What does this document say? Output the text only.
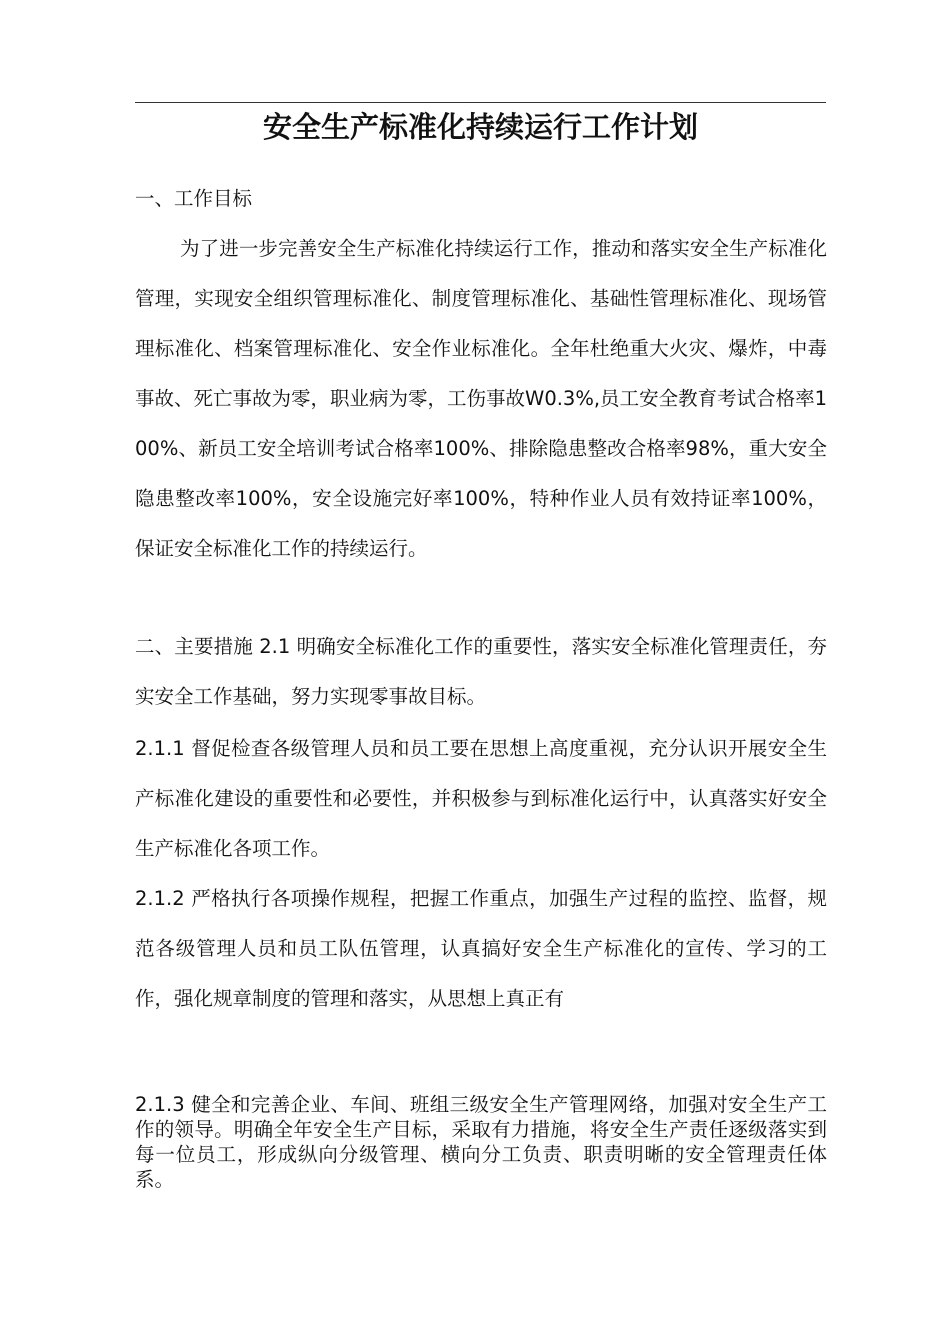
安全生产标准化持续运行工作计划
一、工作目标

为了进一步完善安全生产标准化持续运行工作，推动和落实安全生产标准化管理，实现安全组织管理标准化、制度管理标准化、基础性管理标准化、现场管理标准化、档案管理标准化、安全作业标准化。全年杜绝重大火灾、爆炸，中毒事故、死亡事故为零，职业病为零，工伤事故W0.3%,员工安全教育考试合格率100%、新员工安全培训考试合格率100%、排除隐患整改合格率98%，重大安全隐患整改率100%，安全设施完好率100%，特种作业人员有效持证率100%，保证安全标准化工作的持续运行。

二、主要措施 2.1 明确安全标准化工作的重要性，落实安全标准化管理责任，夯实安全工作基础，努力实现零事故目标。

2.1.1 督促检查各级管理人员和员工要在思想上高度重视，充分认识开展安全生产标准化建设的重要性和必要性，并积极参与到标准化运行中，认真落实好安全生产标准化各项工作。

2.1.2 严格执行各项操作规程，把握工作重点，加强生产过程的监控、监督，规范各级管理人员和员工队伍管理，认真搞好安全生产标准化的宣传、学习的工作，强化规章制度的管理和落实，从思想上真正有

2.1.3 健全和完善企业、车间、班组三级安全生产管理网络，加强对安全生产工作的领导。明确全年安全生产目标，采取有力措施，将安全生产责任逐级落实到每一位员工，形成纵向分级管理、横向分工负责、职责明晰的安全管理责任体系。
